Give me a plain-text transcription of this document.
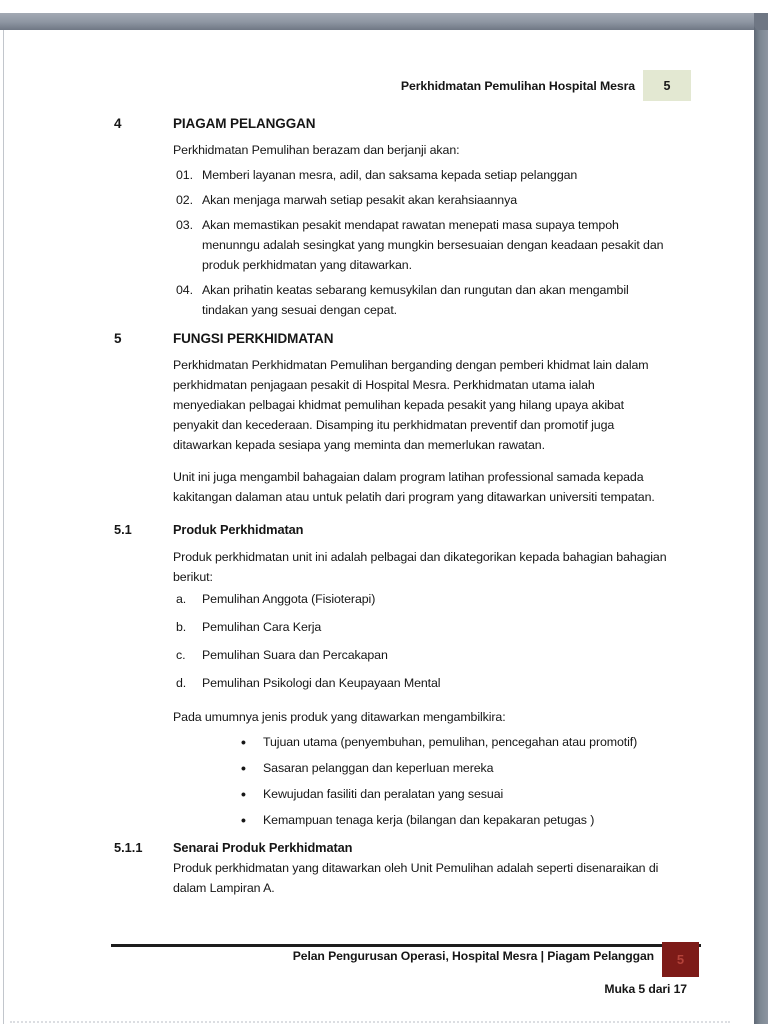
Perkhidmatan Pemulihan Hospital Mesra	5
4	PIAGAM PELANGGAN
Perkhidmatan Pemulihan berazam dan berjanji akan:
01. Memberi layanan mesra, adil, dan saksama kepada setiap pelanggan
02. Akan menjaga marwah setiap pesakit akan kerahsiaannya
03. Akan memastikan pesakit mendapat rawatan menepati masa supaya tempoh menunngu adalah sesingkat yang mungkin bersesuaian dengan keadaan pesakit dan produk perkhidmatan yang ditawarkan.
04. Akan prihatin keatas sebarang kemusykilan dan rungutan dan akan mengambil tindakan yang sesuai dengan cepat.
5	FUNGSI PERKHIDMATAN
Perkhidmatan Perkhidmatan Pemulihan berganding dengan pemberi khidmat lain dalam perkhidmatan penjagaan pesakit di Hospital Mesra. Perkhidmatan utama ialah menyediakan pelbagai khidmat pemulihan kepada pesakit yang hilang upaya akibat penyakit dan kecederaan. Disamping itu perkhidmatan preventif dan promotif juga ditawarkan kepada sesiapa yang meminta dan memerlukan rawatan.
Unit ini juga mengambil bahagaian dalam program latihan professional samada kepada kakitangan dalaman atau untuk pelatih dari program yang ditawarkan universiti tempatan.
5.1	Produk Perkhidmatan
Produk perkhidmatan unit ini adalah pelbagai dan dikategorikan kepada bahagian bahagian berikut:
a.	Pemulihan Anggota (Fisioterapi)
b.	Pemulihan Cara Kerja
c.	Pemulihan Suara dan Percakapan
d.	Pemulihan Psikologi dan Keupayaan Mental
Pada umumnya jenis produk yang ditawarkan mengambilkira:
•
Tujuan utama (penyembuhan, pemulihan, pencegahan atau promotif)
•
Sasaran pelanggan dan keperluan mereka
•
Kewujudan fasiliti dan peralatan yang sesuai
•
Kemampuan tenaga kerja (bilangan dan kepakaran petugas )
5.1.1	Senarai Produk Perkhidmatan
Produk perkhidmatan yang ditawarkan oleh Unit Pemulihan adalah seperti disenaraikan di dalam Lampiran A.
Pelan Pengurusan Operasi, Hospital Mesra | Piagam Pelanggan	5
Muka 5 dari 17
